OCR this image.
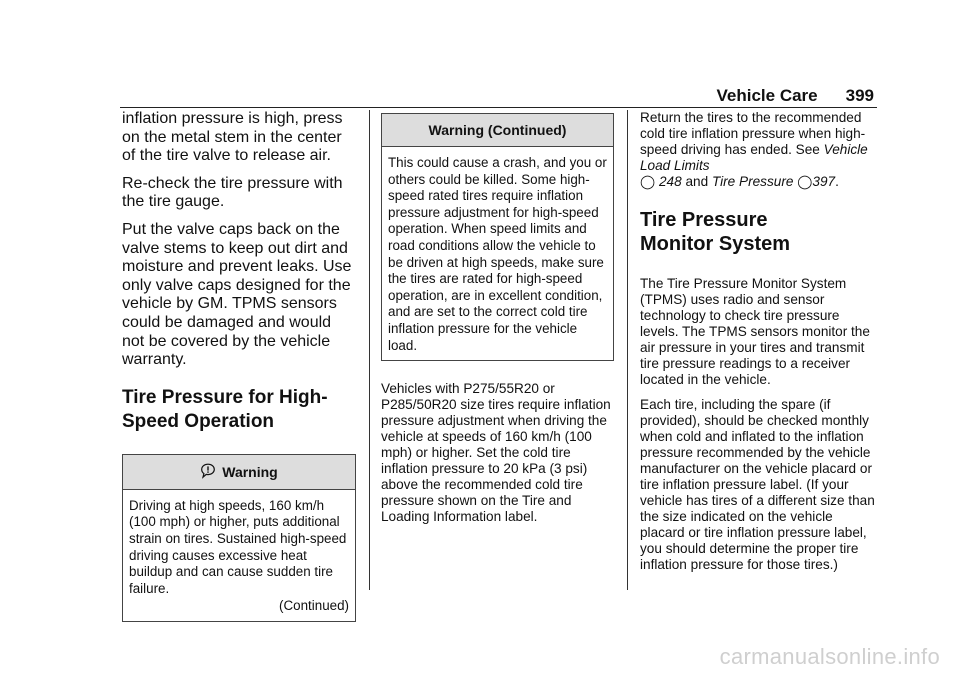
Vehicle Care 399

inflation pressure is high, press on the metal stem in the center of the tire valve to release air.

Re-check the tire pressure with the tire gauge.

Put the valve caps back on the valve stems to keep out dirt and moisture and prevent leaks. Use only valve caps designed for the vehicle by GM. TPMS sensors could be damaged and would not be covered by the vehicle warranty.

Tire Pressure for High-Speed Operation
Warning
Driving at high speeds, 160 km/h (100 mph) or higher, puts additional strain on tires. Sustained high-speed driving causes excessive heat buildup and can cause sudden tire failure.
(Continued)
Warning (Continued)
This could cause a crash, and you or others could be killed. Some high-speed rated tires require inflation pressure adjustment for high-speed operation. When speed limits and road conditions allow the vehicle to be driven at high speeds, make sure the tires are rated for high-speed operation, are in excellent condition, and are set to the correct cold tire inflation pressure for the vehicle load.

Vehicles with P275/55R20 or P285/50R20 size tires require inflation pressure adjustment when driving the vehicle at speeds of 160 km/h (100 mph) or higher. Set the cold tire inflation pressure to 20 kPa (3 psi) above the recommended cold tire pressure shown on the Tire and Loading Information label.

Return the tires to the recommended cold tire inflation pressure when high-speed driving has ended. See Vehicle Load Limits
◯ 248 and Tire Pressure ◯397.

Tire Pressure Monitor System

The Tire Pressure Monitor System (TPMS) uses radio and sensor technology to check tire pressure levels. The TPMS sensors monitor the air pressure in your tires and transmit tire pressure readings to a receiver located in the vehicle.

Each tire, including the spare (if provided), should be checked monthly when cold and inflated to the inflation pressure recommended by the vehicle manufacturer on the vehicle placard or tire inflation pressure label. (If your vehicle has tires of a different size than the size indicated on the vehicle placard or tire inflation pressure label, you should determine the proper tire inflation pressure for those tires.)

carmanualsonline.info
